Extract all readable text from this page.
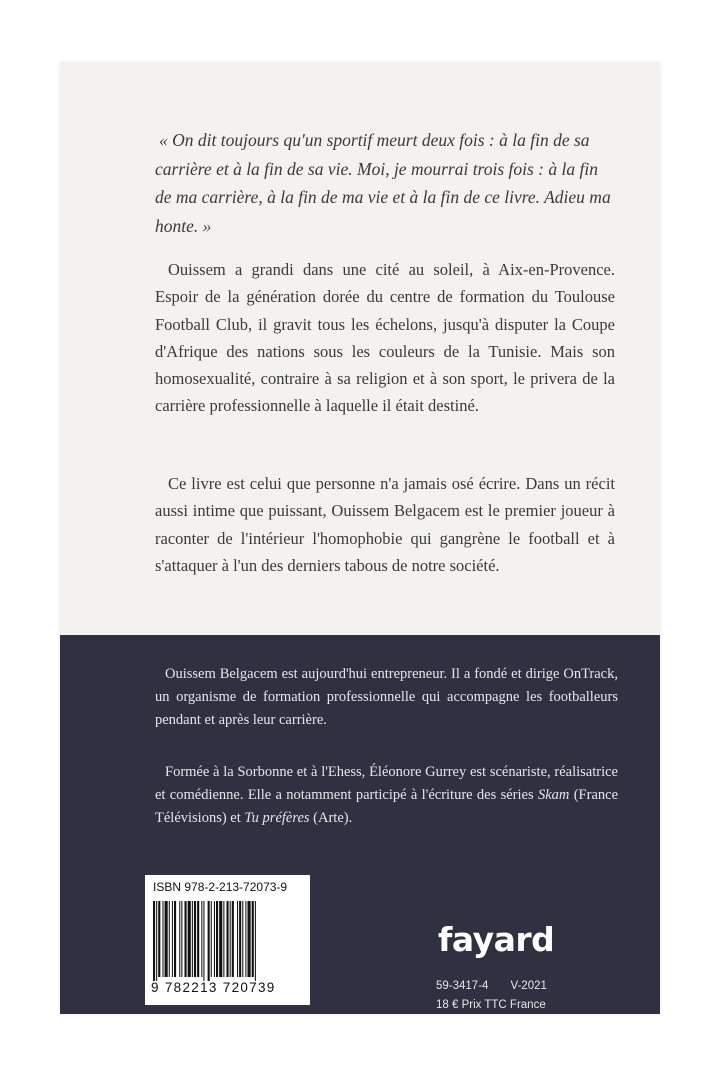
« On dit toujours qu'un sportif meurt deux fois : à la fin de sa carrière et à la fin de sa vie. Moi, je mourrai trois fois : à la fin de ma carrière, à la fin de ma vie et à la fin de ce livre. Adieu ma honte. »

Ouissem a grandi dans une cité au soleil, à Aix-en-Provence. Espoir de la génération dorée du centre de formation du Toulouse Football Club, il gravit tous les échelons, jusqu'à disputer la Coupe d'Afrique des nations sous les couleurs de la Tunisie. Mais son homosexualité, contraire à sa religion et à son sport, le privera de la carrière professionnelle à laquelle il était destiné.

Ce livre est celui que personne n'a jamais osé écrire. Dans un récit aussi intime que puissant, Ouissem Belgacem est le premier joueur à raconter de l'intérieur l'homophobie qui gangrène le football et à s'attaquer à l'un des derniers tabous de notre société.

Ouissem Belgacem est aujourd'hui entrepreneur. Il a fondé et dirige OnTrack, un organisme de formation professionnelle qui accompagne les footballeurs pendant et après leur carrière.

Formée à la Sorbonne et à l'Ehess, Éléonore Gurrey est scénariste, réalisatrice et comédienne. Elle a notamment participé à l'écriture des séries Skam (France Télévisions) et Tu préfères (Arte).

ISBN 978-2-213-72073-9
9 782213 720739
fayard
59-3417-4 V-2021
18 € Prix TTC France
